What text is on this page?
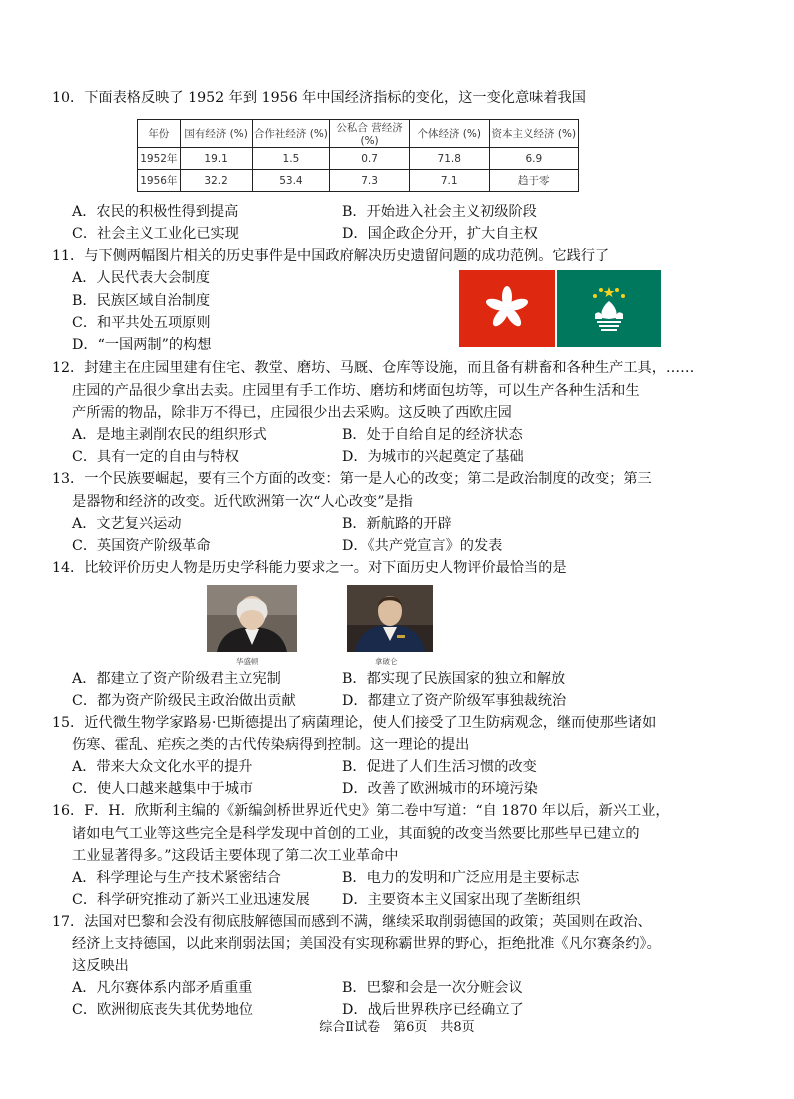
10．下面表格反映了 1952 年到 1956 年中国经济指标的变化，这一变化意味着我国
年份	国有经济 (%)	合作社经济 (%)	公私合 营经济 (%)	个体经济 (%)	资本主义经济 (%)
1952年	19.1	1.5	0.7	71.8	6.9
1956年	32.2	53.4	7.3	7.1	趋于零
A．农民的积极性得到提高	B．开始进入社会主义初级阶段
C．社会主义工业化已实现	D．国企政企分开，扩大自主权
11．与下侧两幅图片相关的历史事件是中国政府解决历史遗留问题的成功范例。它践行了
A．人民代表大会制度
B．民族区域自治制度
C．和平共处五项原则
D．“一国两制”的构想
12．封建主在庄园里建有住宅、教堂、磨坊、马厩、仓库等设施，而且备有耕畜和各种生产工具，……
庄园的产品很少拿出去卖。庄园里有手工作坊、磨坊和烤面包坊等，可以生产各种生活和生
产所需的物品，除非万不得已，庄园很少出去采购。这反映了西欧庄园
A．是地主剥削农民的组织形式	B．处于自给自足的经济状态
C．具有一定的自由与特权	D．为城市的兴起奠定了基础
13．一个民族要崛起，要有三个方面的改变：第一是人心的改变；第二是政治制度的改变；第三
是器物和经济的改变。近代欧洲第一次“人心改变”是指
A．文艺复兴运动	B．新航路的开辟
C．英国资产阶级革命	D．《共产党宣言》的发表
14．比较评价历史人物是历史学科能力要求之一。对下面历史人物评价最恰当的是
华盛顿	拿破仑
A．都建立了资产阶级君主立宪制	B．都实现了民族国家的独立和解放
C．都为资产阶级民主政治做出贡献	D．都建立了资产阶级军事独裁统治
15．近代微生物学家路易·巴斯德提出了病菌理论，使人们接受了卫生防病观念，继而使那些诸如
伤寒、霍乱、疟疾之类的古代传染病得到控制。这一理论的提出
A．带来大众文化水平的提升	B．促进了人们生活习惯的改变
C．使人口越来越集中于城市	D．改善了欧洲城市的环境污染
16．F．H．欣斯利主编的《新编剑桥世界近代史》第二卷中写道：“自 1870 年以后，新兴工业，
诸如电气工业等这些完全是科学发现中首创的工业，其面貌的改变当然要比那些早已建立的
工业显著得多。”这段话主要体现了第二次工业革命中
A．科学理论与生产技术紧密结合	B．电力的发明和广泛应用是主要标志
C．科学研究推动了新兴工业迅速发展 D．主要资本主义国家出现了垄断组织
17．法国对巴黎和会没有彻底肢解德国而感到不满，继续采取削弱德国的政策；英国则在政治、
经济上支持德国，以此来削弱法国；美国没有实现称霸世界的野心，拒绝批准《凡尔赛条约》。
这反映出
A．凡尔赛体系内部矛盾重重	B．巴黎和会是一次分赃会议
C．欧洲彻底丧失其优势地位	D．战后世界秩序已经确立了
综合Ⅱ试卷　第6页　共8页
